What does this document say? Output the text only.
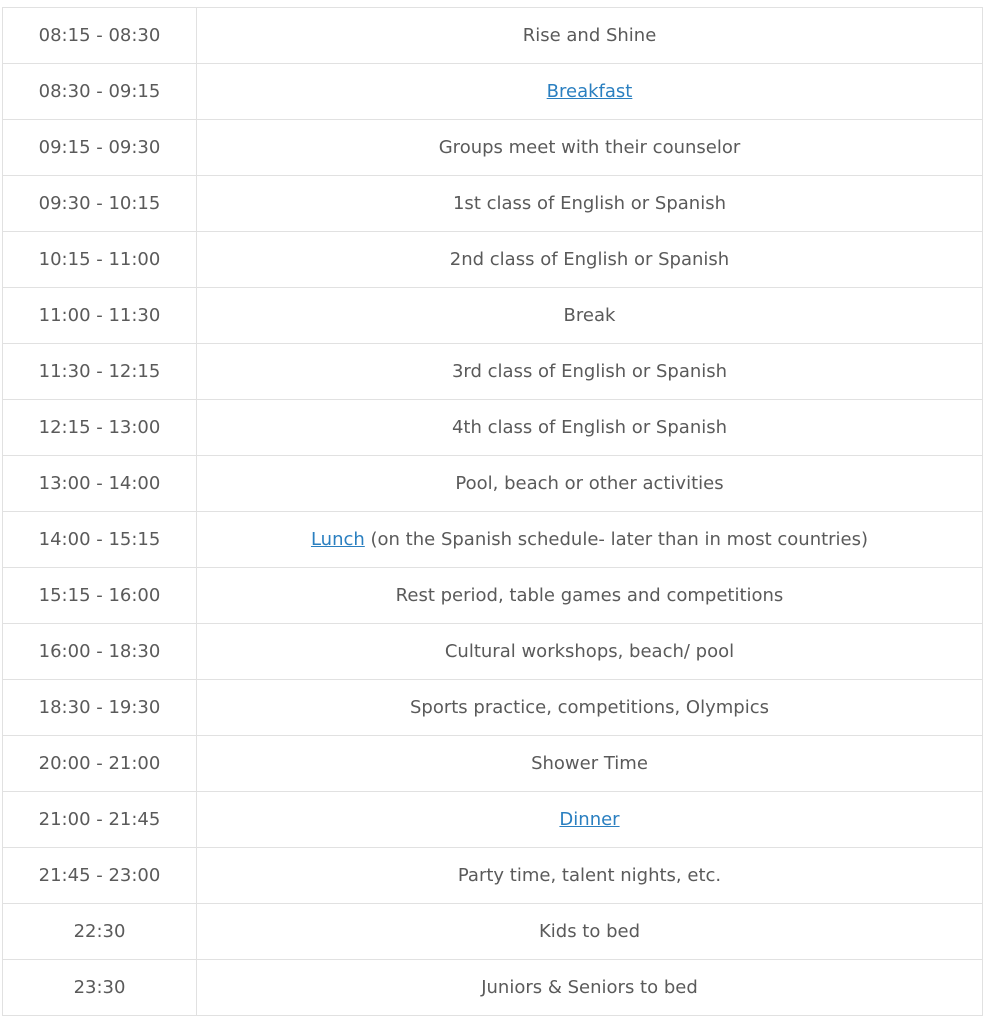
08:15 - 08:30	Rise and Shine
08:30 - 09:15	Breakfast
09:15 - 09:30	Groups meet with their counselor
09:30 - 10:15	1st class of English or Spanish
10:15 - 11:00	2nd class of English or Spanish
11:00 - 11:30	Break
11:30 - 12:15	3rd class of English or Spanish
12:15 - 13:00	4th class of English or Spanish
13:00 - 14:00	Pool, beach or other activities
14:00 - 15:15	Lunch (on the Spanish schedule- later than in most countries)
15:15 - 16:00	Rest period, table games and competitions
16:00 - 18:30	Cultural workshops, beach/ pool
18:30 - 19:30	Sports practice, competitions, Olympics
20:00 - 21:00	Shower Time
21:00 - 21:45	Dinner
21:45 - 23:00	Party time, talent nights, etc.
22:30	Kids to bed
23:30	Juniors & Seniors to bed
